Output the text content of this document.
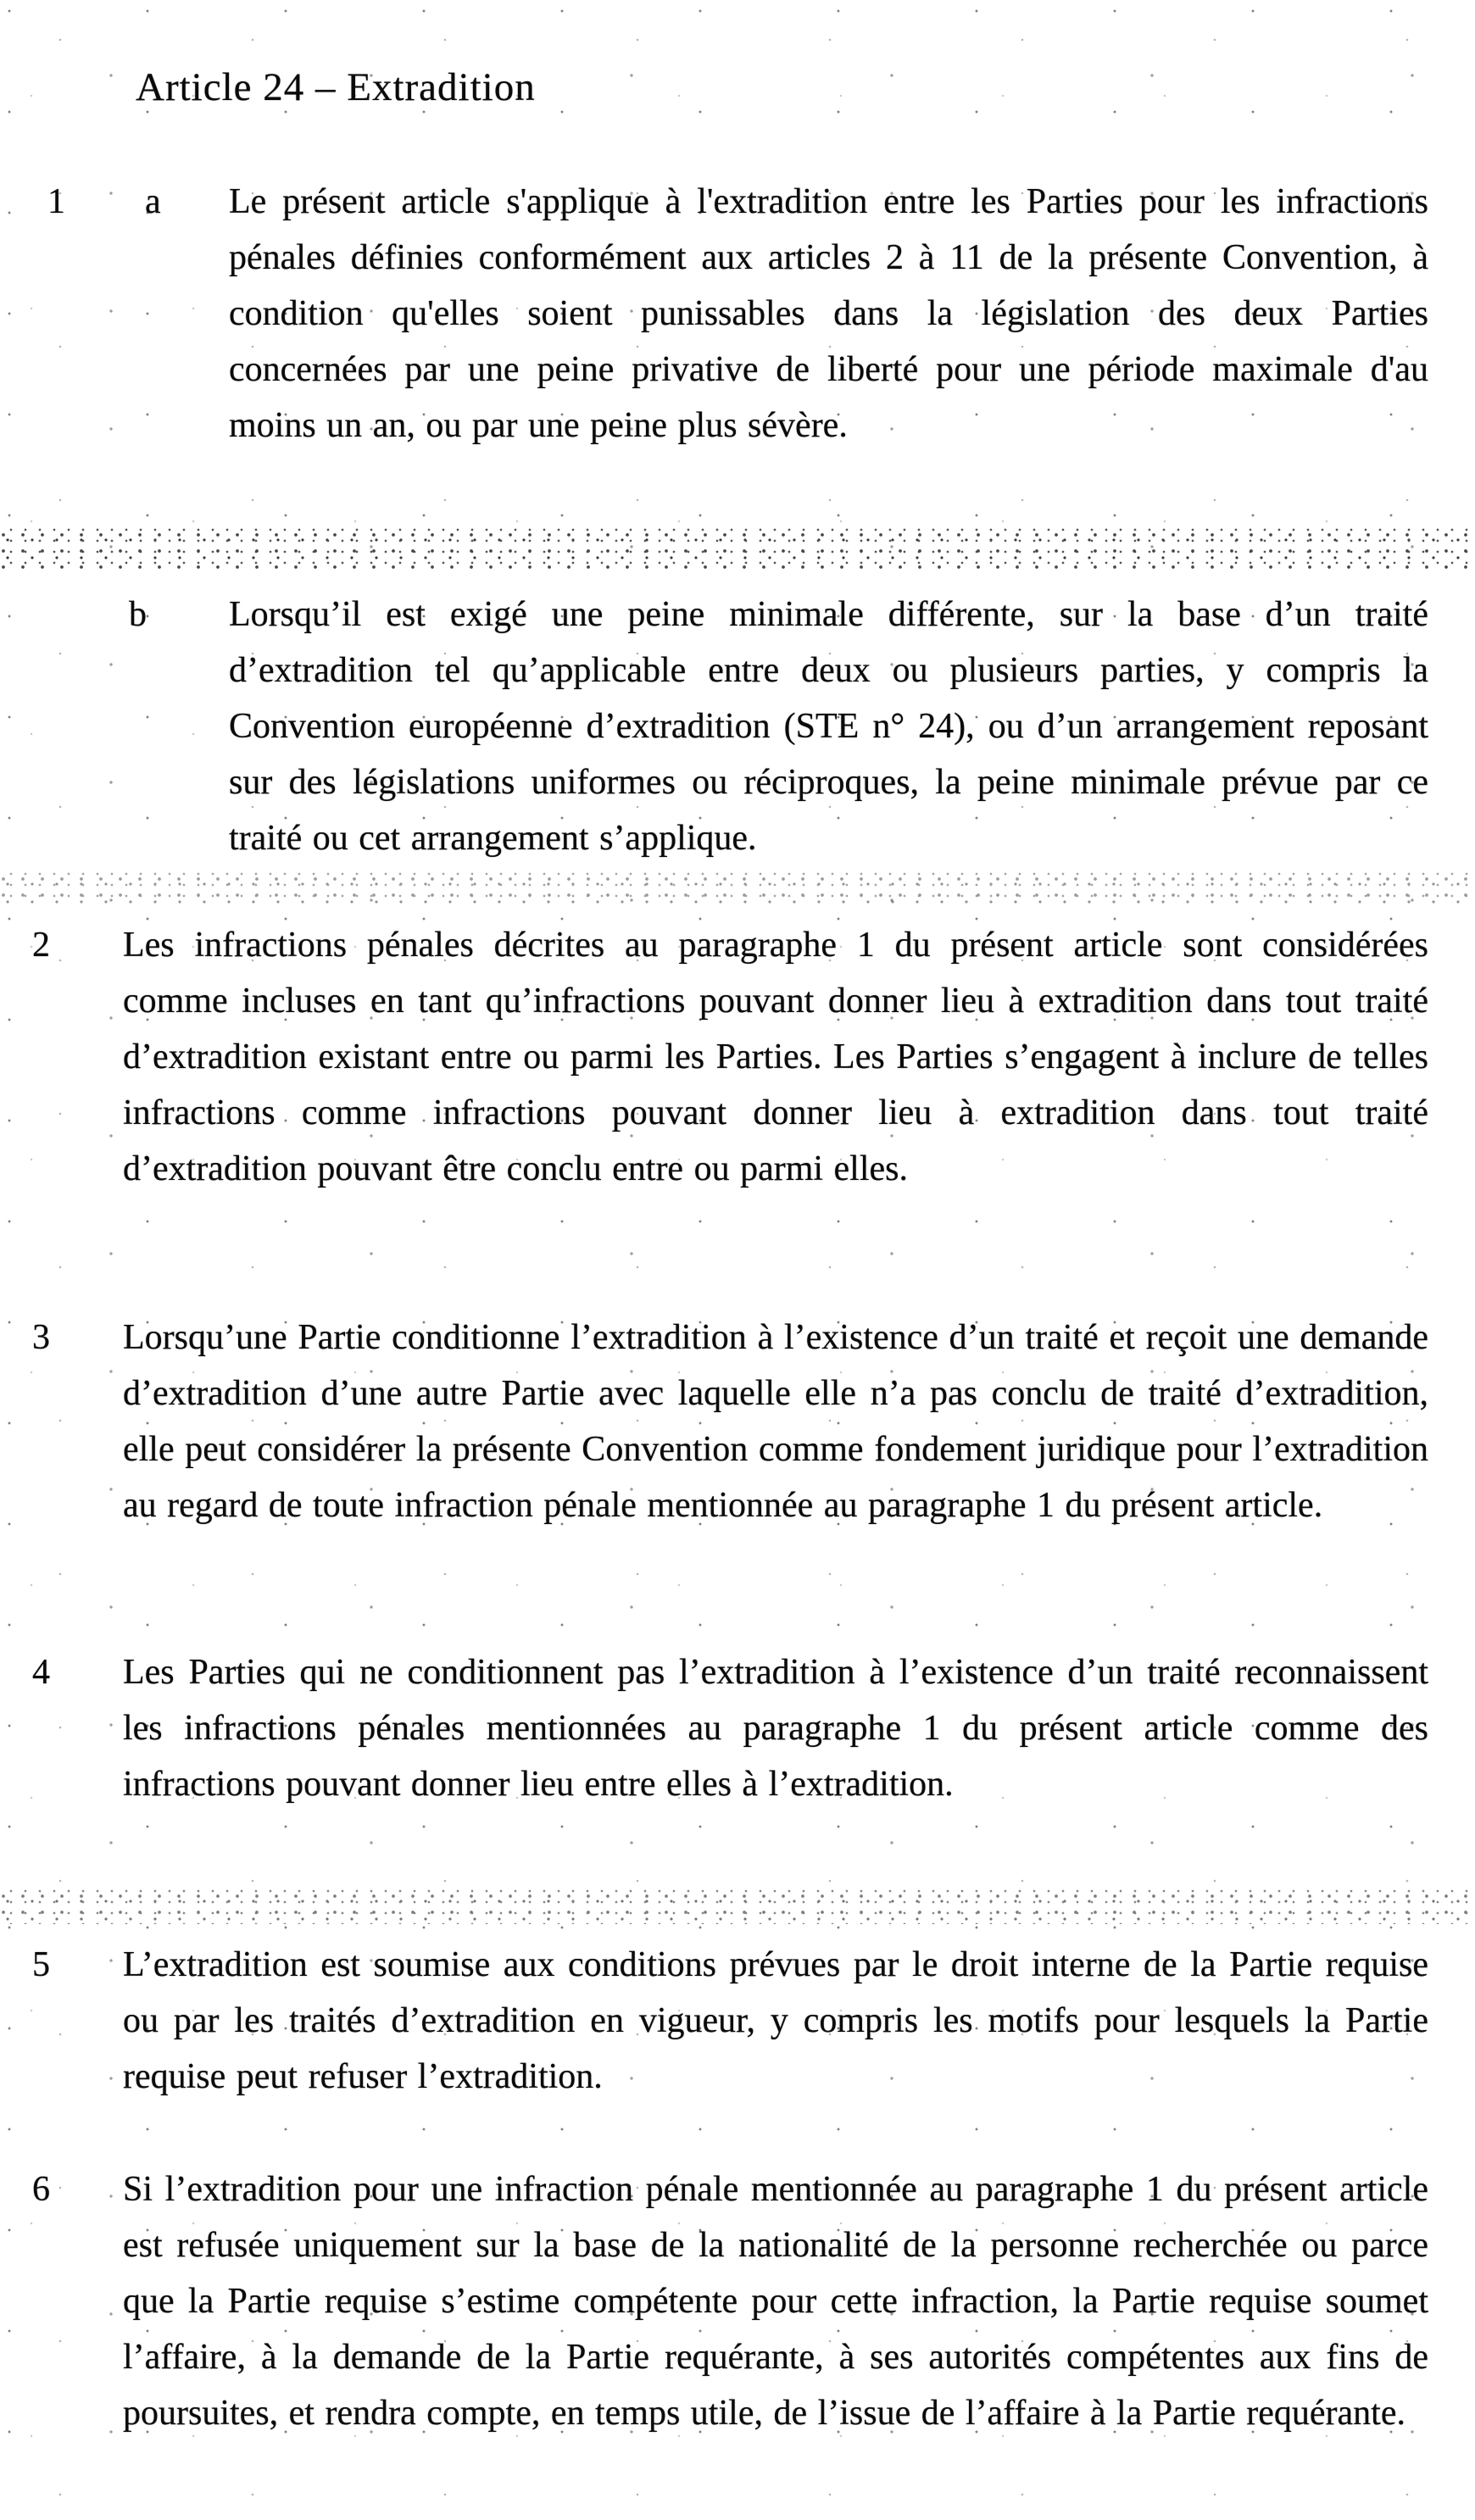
Article 24 – Extradition
1 a Le présent article s'applique à l'extradition entre les Parties pour les infractions pénales définies conformément aux articles 2 à 11 de la présente Convention, à condition qu'elles soient punissables dans la législation des deux Parties concernées par une peine privative de liberté pour une période maximale d'au moins un an, ou par une peine plus sévère.

b Lorsqu’il est exigé une peine minimale différente, sur la base d’un traité d’extradition tel qu’applicable entre deux ou plusieurs parties, y compris la Convention européenne d’extradition (STE n° 24), ou d’un arrangement reposant sur des législations uniformes ou réciproques, la peine minimale prévue par ce traité ou cet arrangement s’applique.

2 Les infractions pénales décrites au paragraphe 1 du présent article sont considérées comme incluses en tant qu’infractions pouvant donner lieu à extradition dans tout traité d’extradition existant entre ou parmi les Parties. Les Parties s’engagent à inclure de telles infractions comme infractions pouvant donner lieu à extradition dans tout traité d’extradition pouvant être conclu entre ou parmi elles.

3 Lorsqu’une Partie conditionne l’extradition à l’existence d’un traité et reçoit une demande d’extradition d’une autre Partie avec laquelle elle n’a pas conclu de traité d’extradition, elle peut considérer la présente Convention comme fondement juridique pour l’extradition au regard de toute infraction pénale mentionnée au paragraphe 1 du présent article.

4 Les Parties qui ne conditionnent pas l’extradition à l’existence d’un traité reconnaissent les infractions pénales mentionnées au paragraphe 1 du présent article comme des infractions pouvant donner lieu entre elles à l’extradition.

5 L’extradition est soumise aux conditions prévues par le droit interne de la Partie requise ou par les traités d’extradition en vigueur, y compris les motifs pour lesquels la Partie requise peut refuser l’extradition.

6 Si l’extradition pour une infraction pénale mentionnée au paragraphe 1 du présent article est refusée uniquement sur la base de la nationalité de la personne recherchée ou parce que la Partie requise s’estime compétente pour cette infraction, la Partie requise soumet l’affaire, à la demande de la Partie requérante, à ses autorités compétentes aux fins de poursuites, et rendra compte, en temps utile, de l’issue de l’affaire à la Partie requérante.
